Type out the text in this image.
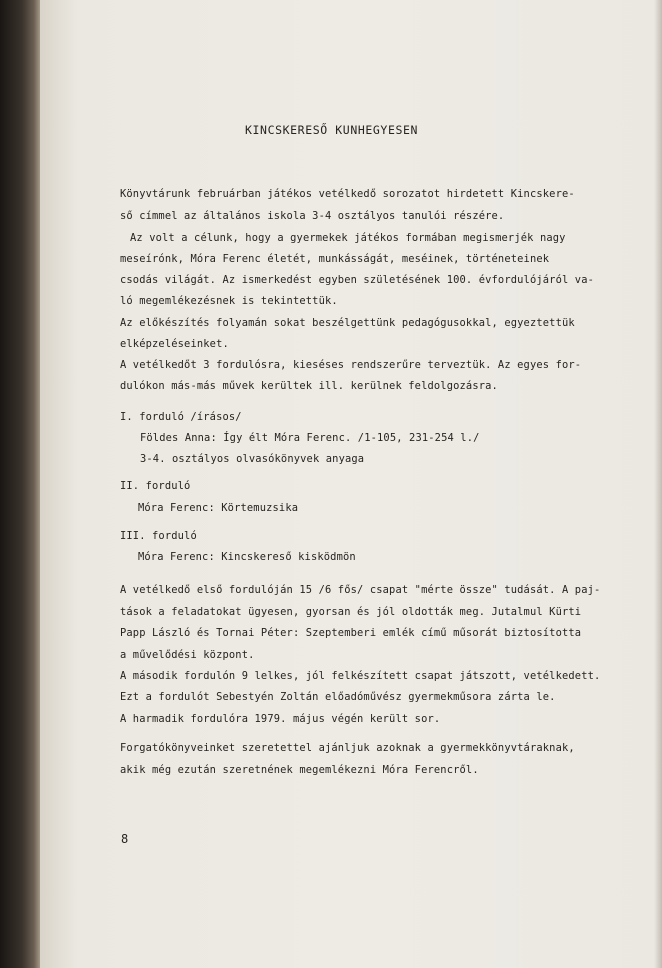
KINCSKERESŐ KUNHEGYESEN
Könyvtárunk februárban játékos vetélkedő sorozatot hirdetett Kincskere-
ső címmel az általános iskola 3-4 osztályos tanulói részére.
Az volt a célunk, hogy a gyermekek játékos formában megismerjék nagy
meseírónk, Móra Ferenc életét, munkásságát, meséinek, történeteinek
csodás világát. Az ismerkedést egyben születésének 100. évfordulójáról va-
ló megemlékezésnek is tekintettük.
Az előkészítés folyamán sokat beszélgettünk pedagógusokkal, egyeztettük
elképzeléseinket.
A vetélkedőt 3 fordulósra, kieséses rendszerűre terveztük. Az egyes for-
dulókon más-más művek kerültek ill. kerülnek feldolgozásra.
I. forduló /írásos/
Földes Anna: Így élt Móra Ferenc. /1-105, 231-254 l./
3-4. osztályos olvasókönyvek anyaga
II. forduló
Móra Ferenc: Körtemuzsika
III. forduló
Móra Ferenc: Kincskereső kisködmön
A vetélkedő első fordulóján 15 /6 fős/ csapat "mérte össze" tudását. A paj-
tások a feladatokat ügyesen, gyorsan és jól oldották meg. Jutalmul Kürti
Papp László és Tornai Péter: Szeptemberi emlék című műsorát biztosította
a művelődési központ.
A második fordulón 9 lelkes, jól felkészített csapat játszott, vetélkedett.
Ezt a fordulót Sebestyén Zoltán előadóművész gyermekműsora zárta le.
A harmadik fordulóra 1979. május végén került sor.
Forgatókönyveinket szeretettel ajánljuk azoknak a gyermekkönyvtáraknak,
akik még ezután szeretnének megemlékezni Móra Ferencről.
8
